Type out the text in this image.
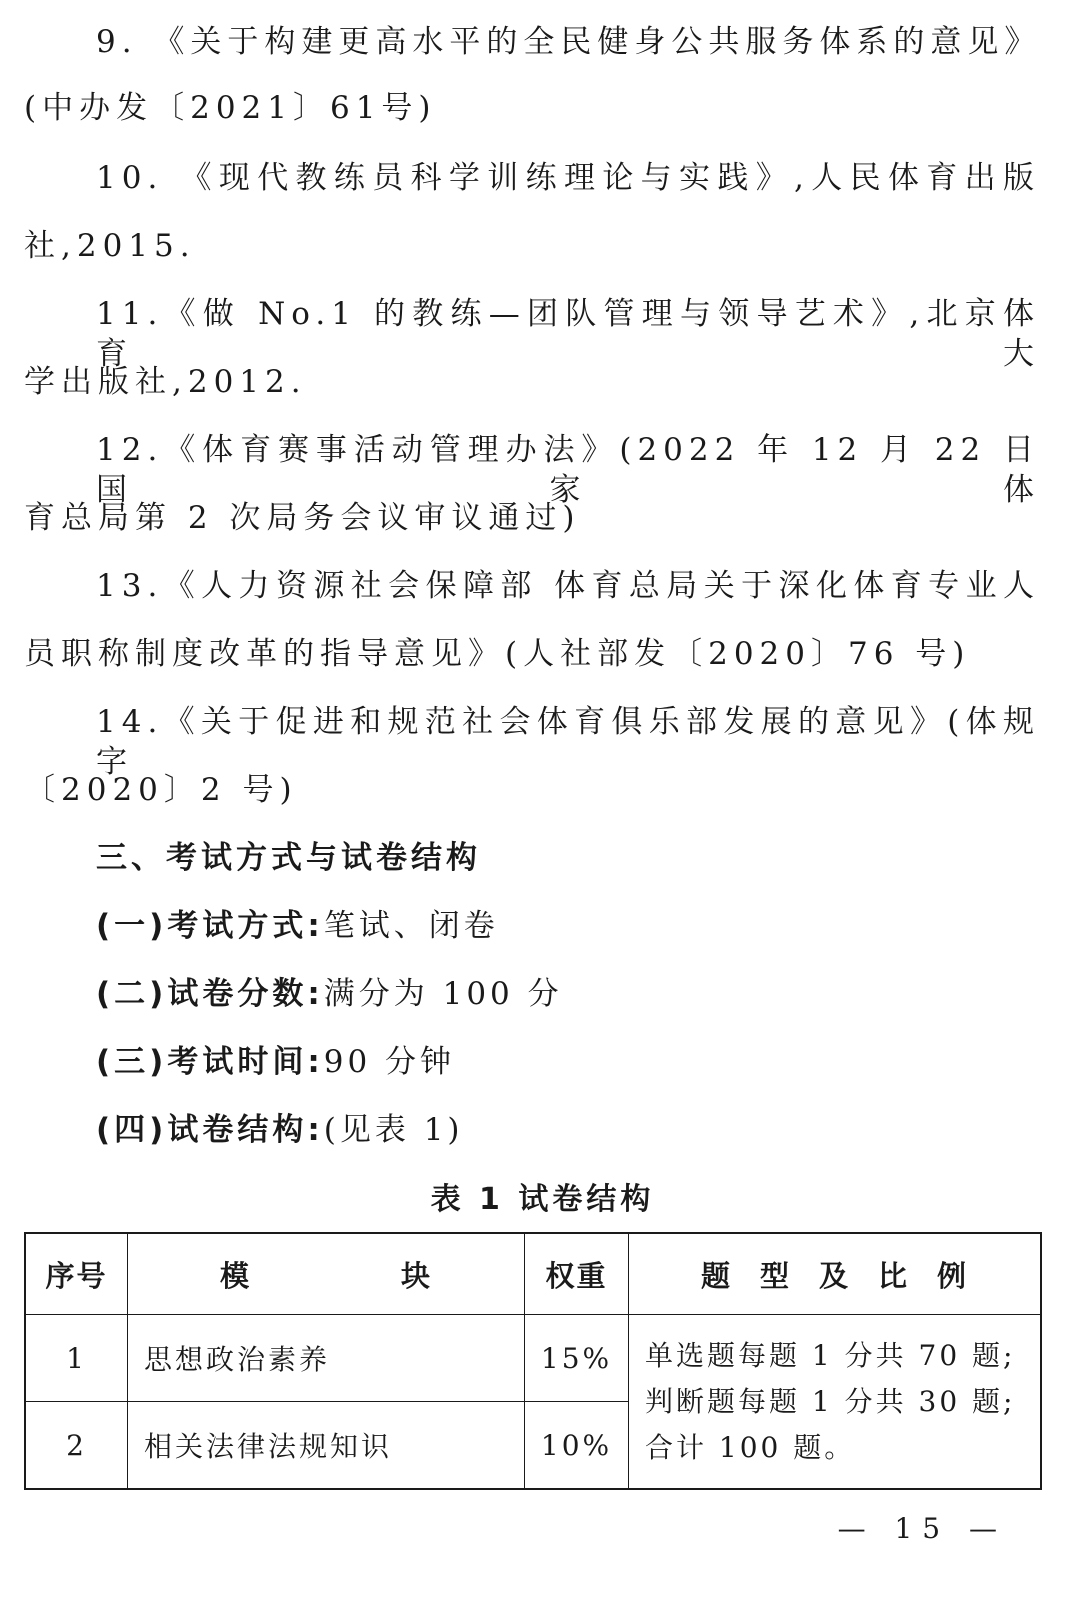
9. 《关于构建更高水平的全民健身公共服务体系的意见》
(中办发〔2021〕61号)
10. 《现代教练员科学训练理论与实践》,人民体育出版
社,2015.
11.《做 No.1 的教练—团队管理与领导艺术》,北京体育大
学出版社,2012.
12.《体育赛事活动管理办法》(2022 年 12 月 22 日国家体
育总局第 2 次局务会议审议通过)
13.《人力资源社会保障部 体育总局关于深化体育专业人
员职称制度改革的指导意见》(人社部发〔2020〕76 号)
14.《关于促进和规范社会体育俱乐部发展的意见》(体规字
〔2020〕2 号)
三、考试方式与试卷结构
(一)考试方式:笔试、闭卷
(二)试卷分数:满分为 100 分
(三)考试时间:90 分钟
(四)试卷结构:(见表 1)
表 1 试卷结构
序号	模 块	权重	题 型 及 比 例
1	思想政治素养	15%	单选题每题 1 分共 70 题;
判断题每题 1 分共 30 题;
合计 100 题。

2	相关法律法规知识	10%	
— 15 —
